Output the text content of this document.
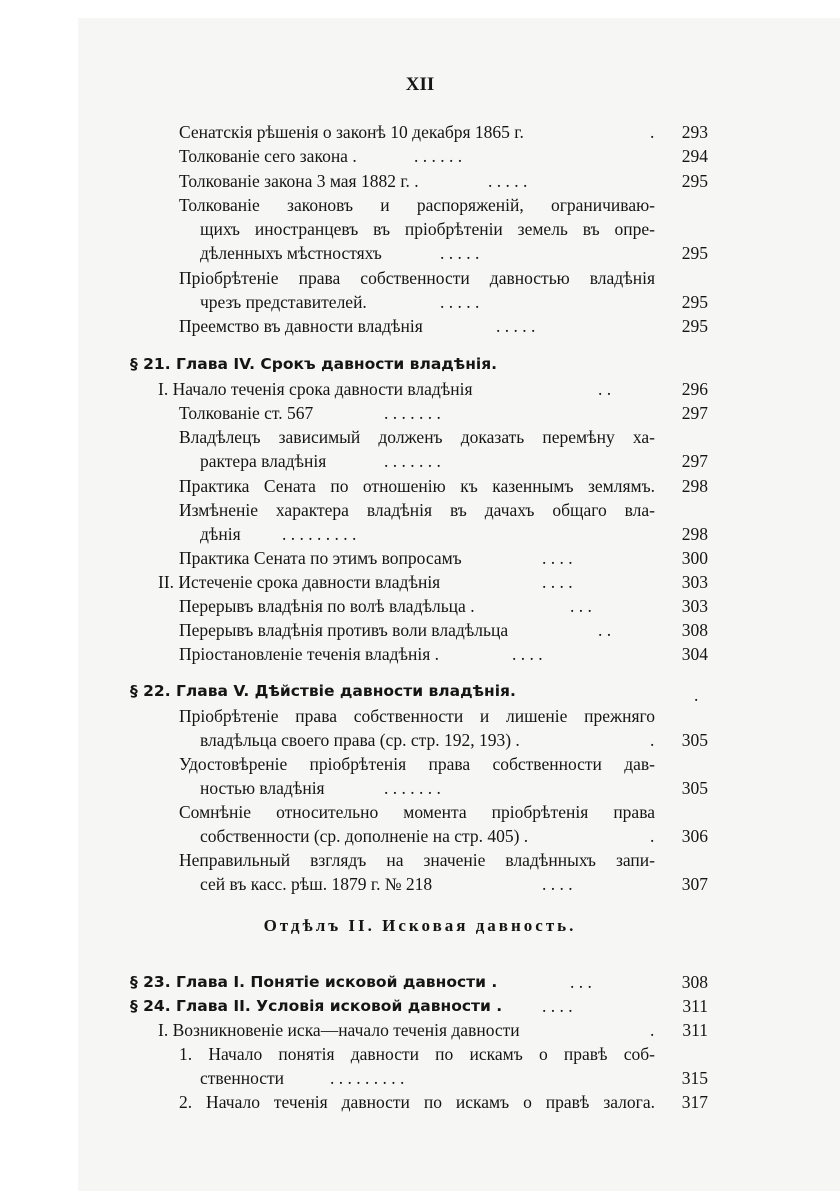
XII
Сенатскія рѣшенія о законѣ 10 декабря 1865 г.	.	293
Толкованіе сего закона .	. . . . . .	294
Толкованіе закона 3 мая 1882 г. .	. . . . .	295
Толкованіе законовъ и распоряженій, ограничиваю-
щихъ иностранцевъ въ пріобрѣтеніи земель въ опре-
дѣленныхъ мѣстностяхъ	. . . . .	295
Пріобрѣтеніе права собственности давностью владѣнія
чрезъ представителей.	. . . . .	295
Преемство въ давности владѣнія	. . . . .	295
§ 21. Глава IV. Срокъ давности владѣнія.
I. Начало теченія срока давности владѣнія	. .	296
Толкованіе ст. 567	. . . . . . .	297
Владѣлецъ зависимый долженъ доказать перемѣну ха-
рактера владѣнія	. . . . . . .	297
Практика Сената по отношенію къ казеннымъ землямъ.	298
Измѣненіе характера владѣнія въ дачахъ общаго вла-
дѣнія . . . . . . . . .	298
Практика Сената по этимъ вопросамъ	. . . .	300
II. Истеченіе срока давности владѣнія	. . . .	303
Перерывъ владѣнія по волѣ владѣльца .	. . .	303
Перерывъ владѣнія противъ воли владѣльца	. .	308
Пріостановленіе теченія владѣнія .	. . . .	304
§ 22. Глава V. Дѣйствіе давности владѣнія.	.
Пріобрѣтеніе права собственности и лишеніе прежняго
владѣльца своего права (ср. стр. 192, 193) .	.	305
Удостовѣреніе пріобрѣтенія права собственности дав-
ностью владѣнія	. . . . . . .	305
Сомнѣніе относительно момента пріобрѣтенія права
собственности (ср. дополненіе на стр. 405) .	.	306
Неправильный взглядъ на значеніе владѣнныхъ запи-
сей въ касс. рѣш. 1879 г. № 218	. . . .	307
Отдѣлъ II. Исковая давность.
§ 23. Глава I. Понятіе исковой давности .	. . .	308
§ 24. Глава II. Условія исковой давности . . . . .	311
I. Возникновеніе иска—начало теченія давности	.	311
1. Начало понятія давности по искамъ о правѣ соб-
ственности	. . . . . . . . .	315
2. Начало теченія давности по искамъ о правѣ залога.	317
